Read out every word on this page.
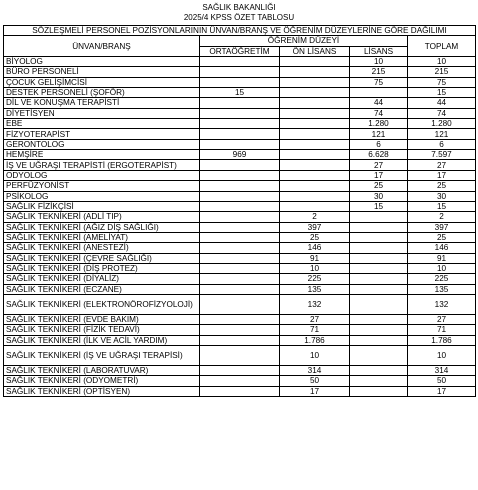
SAĞLIK BAKANLIĞI
2025/4 KPSS ÖZET TABLOSU
SÖZLEŞMELİ PERSONEL POZİSYONLARININ ÜNVAN/BRANŞ VE ÖĞRENİM DÜZEYLERİNE GÖRE DAĞILIMI				
ÜNVAN/BRANŞ	ÖĞRENİM DÜZEYİ			TOPLAM
	ORTAÖĞRETİM	ÖN LİSANS	LİSANS	
BİYOLOG			10	10
BÜRO PERSONELİ			215	215
ÇOCUK GELİŞİMCİSİ			75	75
DESTEK PERSONELİ (ŞOFÖR)	15			15
DİL VE KONUŞMA TERAPİSTİ			44	44
DİYETİSYEN			74	74
EBE			1.280	1.280
FİZYOTERAPİST			121	121
GERONTOLOG			6	6
HEMŞİRE	969		6.628	7.597
İŞ VE UĞRAŞI TERAPİSTİ (ERGOTERAPİST)			27	27
ODYOLOG			17	17
PERFÜZYONİST			25	25
PSİKOLOG			30	30
SAĞLIK FİZİKÇİSİ			15	15
SAĞLIK TEKNİKERİ (ADLİ TIP)		2		2
SAĞLIK TEKNİKERİ (AĞIZ DİŞ SAĞLIĞI)		397		397
SAĞLIK TEKNİKERİ (AMELİYAT)		25		25
SAĞLIK TEKNİKERİ (ANESTEZİ)		146		146
SAĞLIK TEKNİKERİ (ÇEVRE SAĞLIĞI)		91		91
SAĞLIK TEKNİKERİ (DİŞ PROTEZ)		10		10
SAĞLIK TEKNİKERİ (DİYALİZ)		225		225
SAĞLIK TEKNİKERİ (ECZANE)		135		135
SAĞLIK TEKNİKERİ (ELEKTRONÖROFİZYOLOJİ)		132		132
SAĞLIK TEKNİKERİ (EVDE BAKIM)		27		27
SAĞLIK TEKNİKERİ (FİZİK TEDAVİ)		71		71
SAĞLIK TEKNİKERİ (İLK VE ACİL YARDIM)		1.786		1.786
SAĞLIK TEKNİKERİ (İŞ VE UĞRAŞI TERAPİSİ)		10		10
SAĞLIK TEKNİKERİ (LABORATUVAR)		314		314
SAĞLIK TEKNİKERİ (ODYOMETRİ)		50		50
SAĞLIK TEKNİKERİ (OPTİSYEN)		17		17
